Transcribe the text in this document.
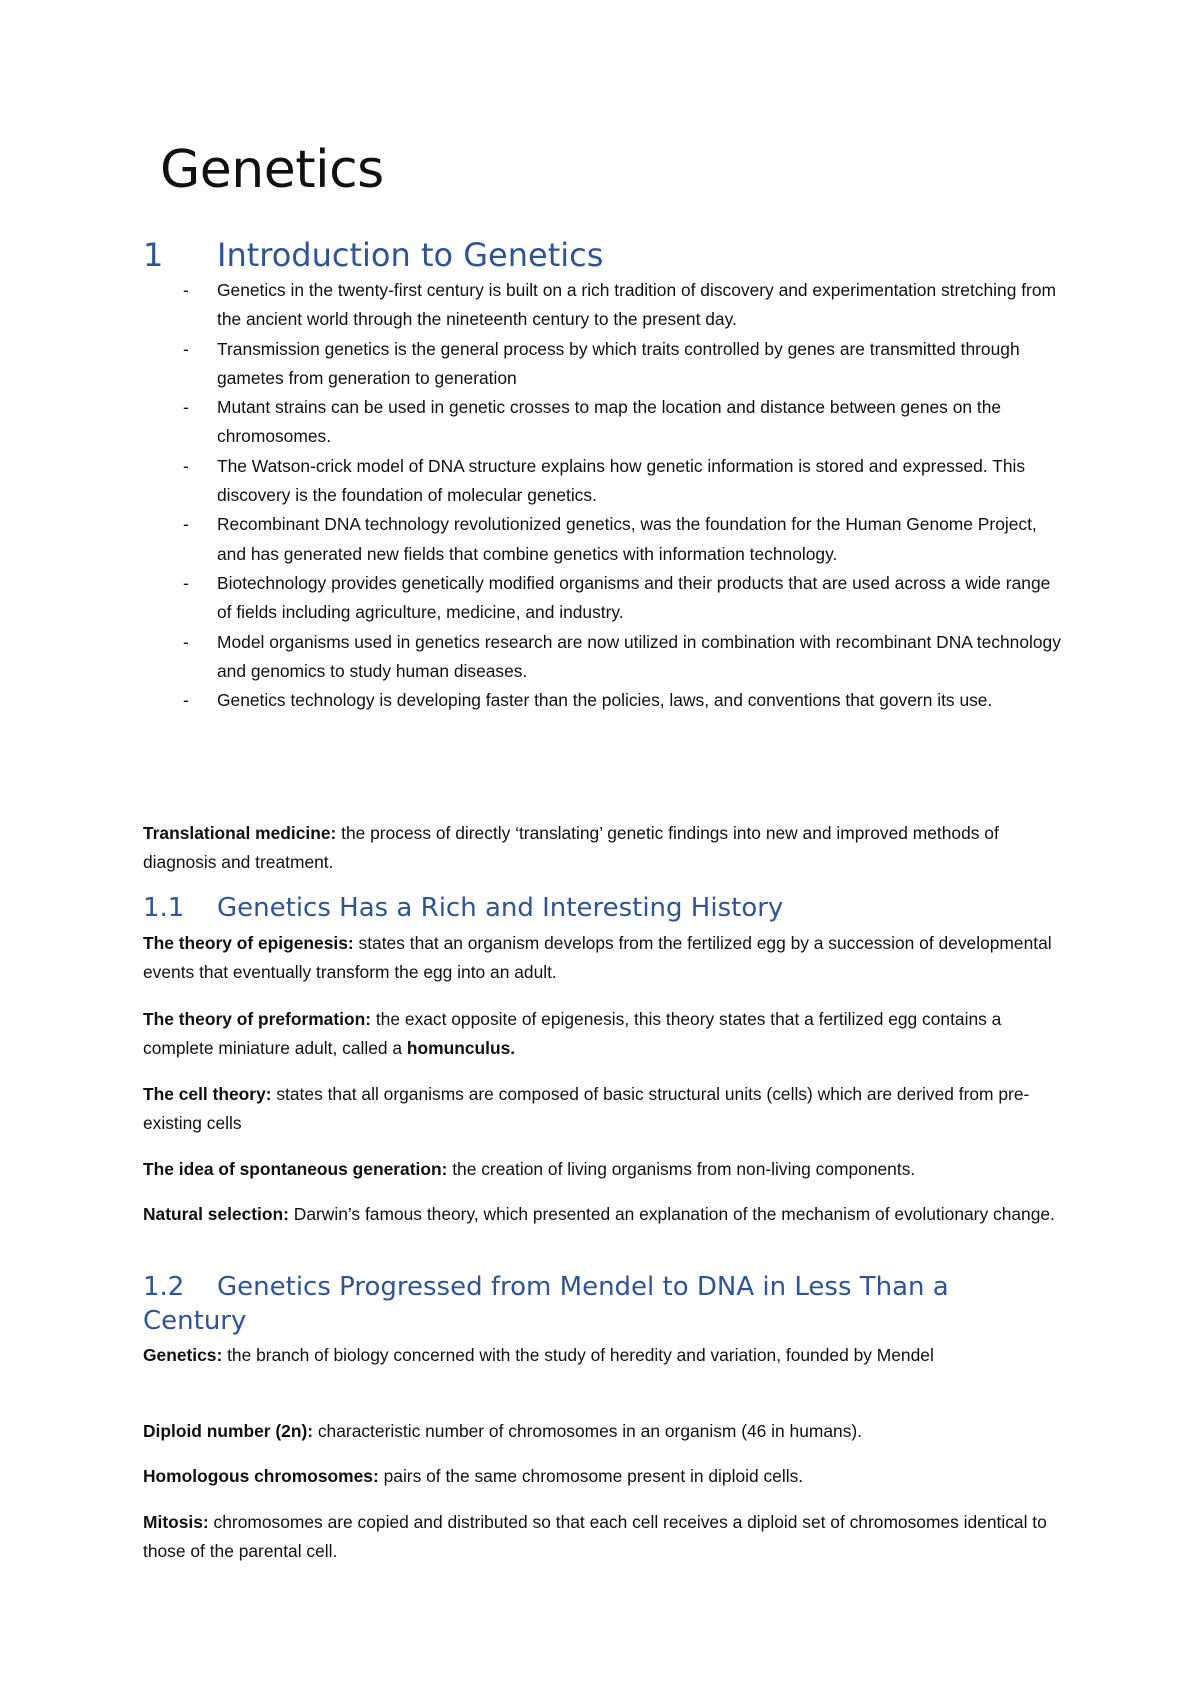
Genetics
1 Introduction to Genetics
- Genetics in the twenty-first century is built on a rich tradition of discovery and experimentation stretching from the ancient world through the nineteenth century to the present day.
- Transmission genetics is the general process by which traits controlled by genes are transmitted through gametes from generation to generation
- Mutant strains can be used in genetic crosses to map the location and distance between genes on the chromosomes.
- The Watson-crick model of DNA structure explains how genetic information is stored and expressed. This discovery is the foundation of molecular genetics.
- Recombinant DNA technology revolutionized genetics, was the foundation for the Human Genome Project, and has generated new fields that combine genetics with information technology.
- Biotechnology provides genetically modified organisms and their products that are used across a wide range of fields including agriculture, medicine, and industry.
- Model organisms used in genetics research are now utilized in combination with recombinant DNA technology and genomics to study human diseases.
- Genetics technology is developing faster than the policies, laws, and conventions that govern its use.

Translational medicine: the process of directly ‘translating’ genetic findings into new and improved methods of diagnosis and treatment.

1.1 Genetics Has a Rich and Interesting History

The theory of epigenesis: states that an organism develops from the fertilized egg by a succession of developmental events that eventually transform the egg into an adult.

The theory of preformation: the exact opposite of epigenesis, this theory states that a fertilized egg contains a complete miniature adult, called a homunculus.

The cell theory: states that all organisms are composed of basic structural units (cells) which are derived from pre-existing cells

The idea of spontaneous generation: the creation of living organisms from non-living components.

Natural selection: Darwin’s famous theory, which presented an explanation of the mechanism of evolutionary change.

1.2 Genetics Progressed from Mendel to DNA in Less Than a
Century

Genetics: the branch of biology concerned with the study of heredity and variation, founded by Mendel

Diploid number (2n): characteristic number of chromosomes in an organism (46 in humans).

Homologous chromosomes: pairs of the same chromosome present in diploid cells.

Mitosis: chromosomes are copied and distributed so that each cell receives a diploid set of chromosomes identical to those of the parental cell.
